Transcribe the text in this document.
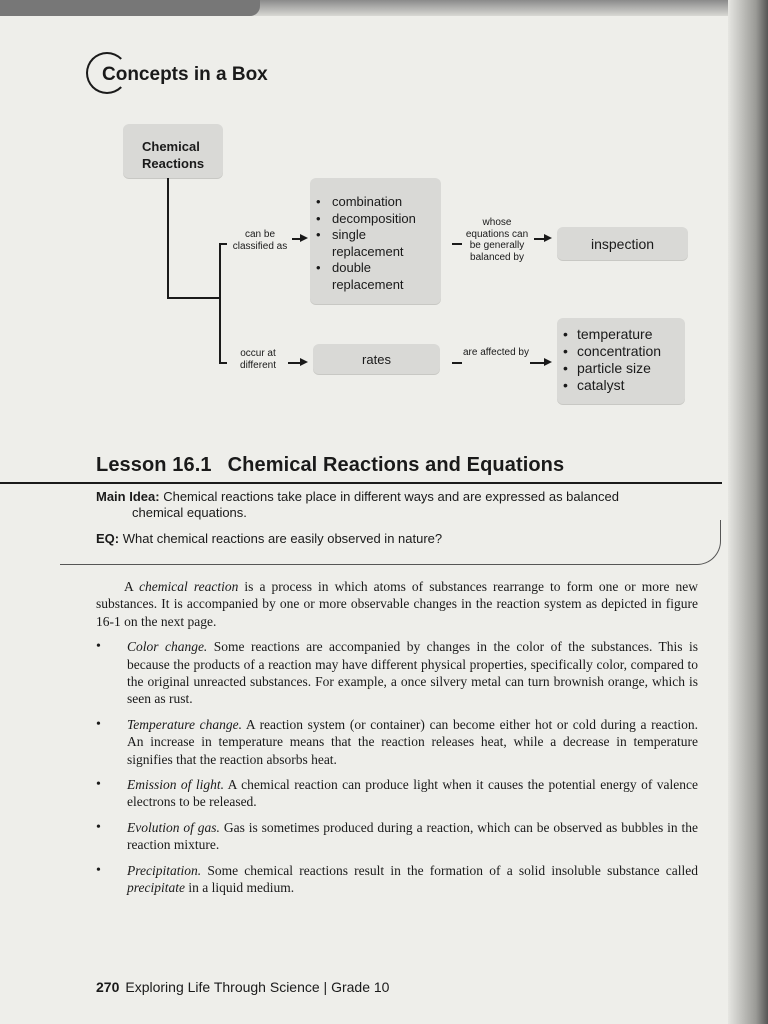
Concepts in a Box
Chemical Reactions
can be classified as
• combination
• decomposition
• single replacement
• double replacement
whose equations can be generally balanced by
inspection
occur at different	rates	are affected by
• temperature
• concentration
• particle size
• catalyst
Lesson 16.1 Chemical Reactions and Equations
Main Idea: Chemical reactions take place in different ways and are expressed as balanced
chemical equations.
EQ: What chemical reactions are easily observed in nature?

A chemical reaction is a process in which atoms of substances rearrange to form one or more new substances. It is accompanied by one or more observable changes in the reaction system as depicted in figure 16-1 on the next page.

• Color change. Some reactions are accompanied by changes in the color of the substances. This is because the products of a reaction may have different physical properties, specifically color, compared to the original unreacted substances. For example, a once silvery metal can turn brownish orange, which is seen as rust.
• Temperature change. A reaction system (or container) can become either hot or cold during a reaction. An increase in temperature means that the reaction releases heat, while a decrease in temperature signifies that the reaction absorbs heat.
• Emission of light. A chemical reaction can produce light when it causes the potential energy of valence electrons to be released.
• Evolution of gas. Gas is sometimes produced during a reaction, which can be observed as bubbles in the reaction mixture.
• Precipitation. Some chemical reactions result in the formation of a solid insoluble substance called precipitate in a liquid medium.
270 Exploring Life Through Science | Grade 10
